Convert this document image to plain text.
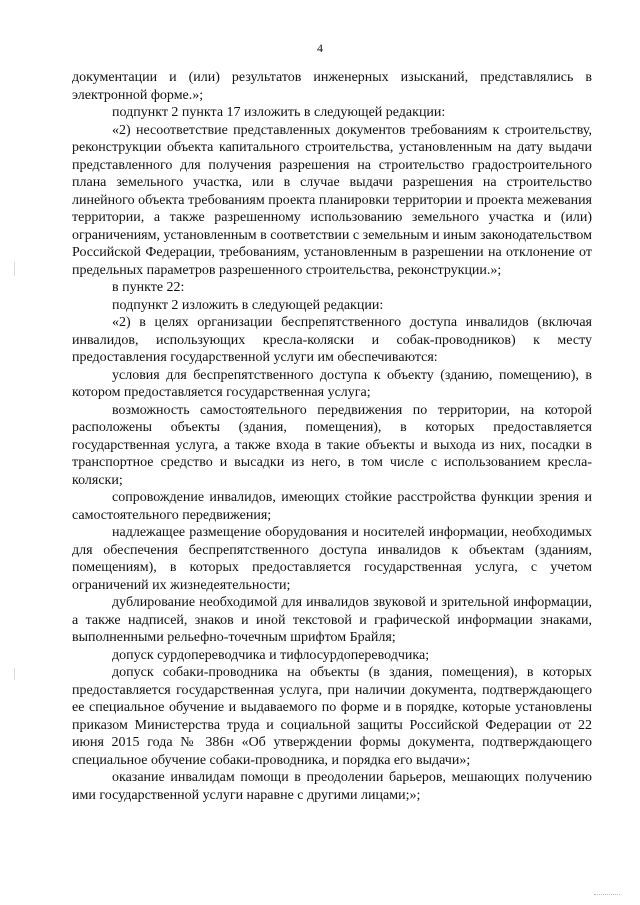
4

документации и (или) результатов инженерных изысканий, представлялись в электронной форме.»;

подпункт 2 пункта 17 изложить в следующей редакции:

«2) несоответствие представленных документов требованиям к строительству, реконструкции объекта капитального строительства, установленным на дату выдачи представленного для получения разрешения на строительство градостроительного плана земельного участка, или в случае выдачи разрешения на строительство линейного объекта требованиям проекта планировки территории и проекта межевания территории, а также разрешенному использованию земельного участка и (или) ограничениям, установленным в соответствии с земельным и иным законодательством Российской Федерации, требованиям, установленным в разрешении на отклонение от предельных параметров разрешенного строительства, реконструкции.»;

в пункте 22:

подпункт 2 изложить в следующей редакции:

«2) в целях организации беспрепятственного доступа инвалидов (включая инвалидов, использующих кресла-коляски и собак-проводников) к месту предоставления государственной услуги им обеспечиваются:

условия для беспрепятственного доступа к объекту (зданию, помещению), в котором предоставляется государственная услуга;

возможность самостоятельного передвижения по территории, на которой расположены объекты (здания, помещения), в которых предоставляется государственная услуга, а также входа в такие объекты и выхода из них, посадки в транспортное средство и высадки из него, в том числе с использованием кресла-коляски;

сопровождение инвалидов, имеющих стойкие расстройства функции зрения и самостоятельного передвижения;

надлежащее размещение оборудования и носителей информации, необходимых для обеспечения беспрепятственного доступа инвалидов к объектам (зданиям, помещениям), в которых предоставляется государственная услуга, с учетом ограничений их жизнедеятельности;

дублирование необходимой для инвалидов звуковой и зрительной информации, а также надписей, знаков и иной текстовой и графической информации знаками, выполненными рельефно-точечным шрифтом Брайля;

допуск сурдопереводчика и тифлосурдопереводчика;

допуск собаки-проводника на объекты (в здания, помещения), в которых предоставляется государственная услуга, при наличии документа, подтверждающего ее специальное обучение и выдаваемого по форме и в порядке, которые установлены приказом Министерства труда и социальной защиты Российской Федерации от 22 июня 2015 года № 386н «Об утверждении формы документа, подтверждающего специальное обучение собаки-проводника, и порядка его выдачи»;

оказание инвалидам помощи в преодолении барьеров, мешающих получению ими государственной услуги наравне с другими лицами;»;
